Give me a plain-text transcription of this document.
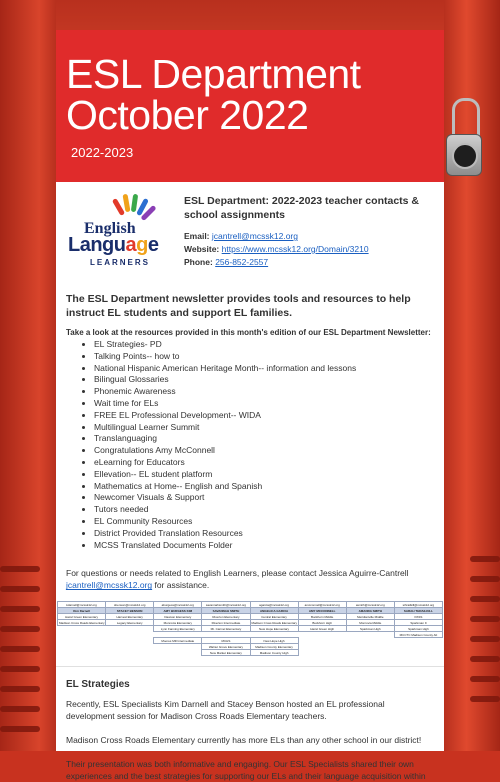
ESL Department
October 2022
2022-2023
English
Language
LEARNERS
ESL Department: 2022-2023 teacher contacts & school assignments
Email: jcantrell@mcssk12.org
Website: https://www.mcssk12.org/Domain/3210
Phone: 256-852-2557
The ESL Department newsletter provides tools and resources to help instruct EL students and support EL families.
Take a look at the resources provided in this month's edition of our ESL Department Newsletter:
• EL Strategies- PD
• Talking Points-- how to
• National Hispanic American Heritage Month-- information and lessons
• Bilingual Glossaries
• Phonemic Awareness
• Wait time for ELs
• FREE EL Professional Development-- WIDA
• Multilingual Learner Summit
• Translanguaging
• Congratulations Amy McConnell
• eLearning for Educators
• Ellevation-- EL student platform
• Mathematics at Home-- English and Spanish
• Newcomer Visuals & Support
• Tutors needed
• EL Community Resources
• District Provided Translation Resources
• MCSS Translated Documents Folder
For questions or needs related to English Learners, please contact Jessica Aguirre-Cantrell
jcantrell@mcssk12.org for assistance.
kdarnell@mcssk12.org	sbenson@mcssk12.org	aburgess@mcssk12.org	savannahsmith@mcssk12.org	agarcia@mcssk12.org	amcconnell@mcssk12.org	asmith@mcssk12.org	sthrailkill@mcssk12.org
Kim Darnell	STACEY BENSON	AMY BURGESS KIM	SAVANNAH SMITH	ANGELICA GARCIA	AMY MCCONNELL	AMANDA SMITH	SARAH THRAILKILL
Hazel Green Elementary	Harvest Elementary	Dawson Elementary	Riverton Elementary	Central Elementary	Buckhorn Middle	Meridianville Middle	PASS
Madison Cross Roads Elementary	Legacy Elementary	Monrovia Elementary	Riverton Intermediate	Madison Cross Roads Elementary	Buckhorn High	Monrovia Middle	Sparkman 9
		Lynn Fanning Elementary	Mt. Carmel Elementary	New Hope Elementary	Hazel Green High	Sparkman High	Sparkman High
							MCCTC Madison County Alt
		Moores Mill Intermediate	MCHS	New Hope High			
			Walnut Grove Elementary	Madison County Elementary			
			New Market Elementary	Madison County High			
EL Strategies

Recently, ESL Specialists Kim Darnell and Stacey Benson hosted an EL professional development session for Madison Cross Roads Elementary teachers.

Madison Cross Roads Elementary currently has more ELs than any other school in our district!

Their presentation was both informative and engaging. Our ESL Specialists shared their own experiences and the best strategies for supporting our ELs and their language acquisition within
